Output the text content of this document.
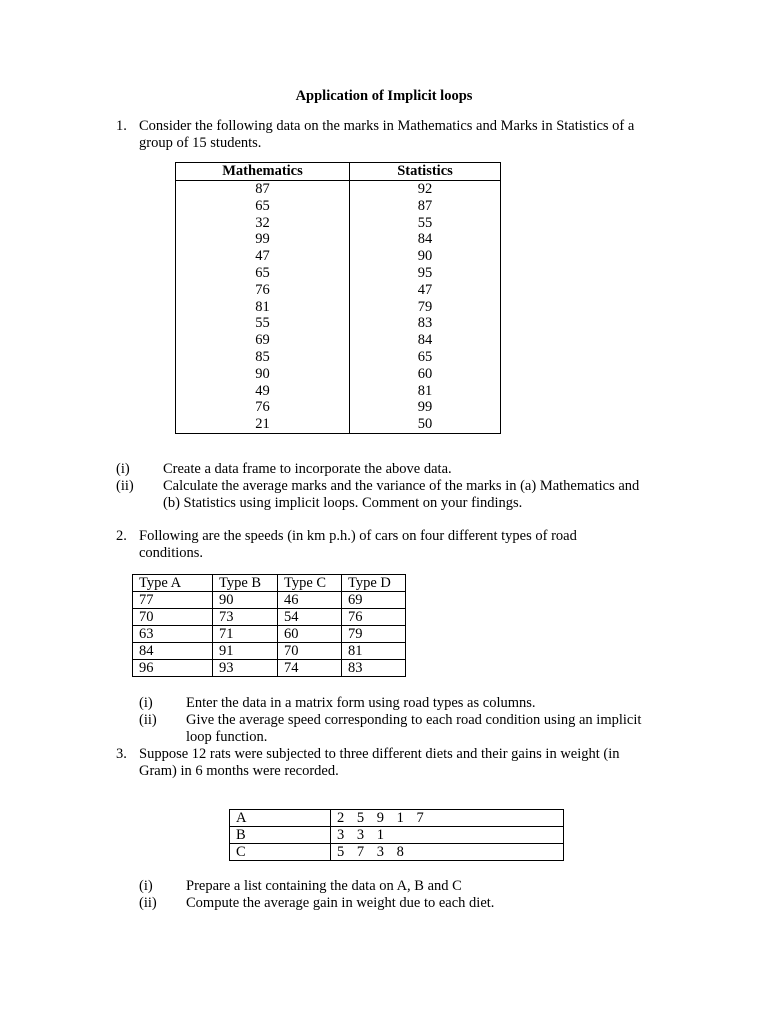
Application of Implicit loops
1. Consider the following data on the marks in Mathematics and Marks in Statistics of a
group of 15 students.
Mathematics	Statistics
87	92
65	87
32	55
99	84
47	90
65	95
76	47
81	79
55	83
69	84
85	65
90	60
49	81
76	99
21	50
(i) Create a data frame to incorporate the above data.
(ii) Calculate the average marks and the variance of the marks in (a) Mathematics and
(b) Statistics using implicit loops. Comment on your findings.
2. Following are the speeds (in km p.h.) of cars on four different types of road
conditions.
Type A	Type B	Type C	Type D
77	90	46	69
70	73	54	76
63	71	60	79
84	91	70	81
96	93	74	83
(i) Enter the data in a matrix form using road types as columns.
(ii) Give the average speed corresponding to each road condition using an implicit
loop function.
3. Suppose 12 rats were subjected to three different diets and their gains in weight (in
Gram) in 6 months were recorded.
A	2 5 9 1 7
B	3 3 1
C	5 7 3 8
(i) Prepare a list containing the data on A, B and C
(ii) Compute the average gain in weight due to each diet.
